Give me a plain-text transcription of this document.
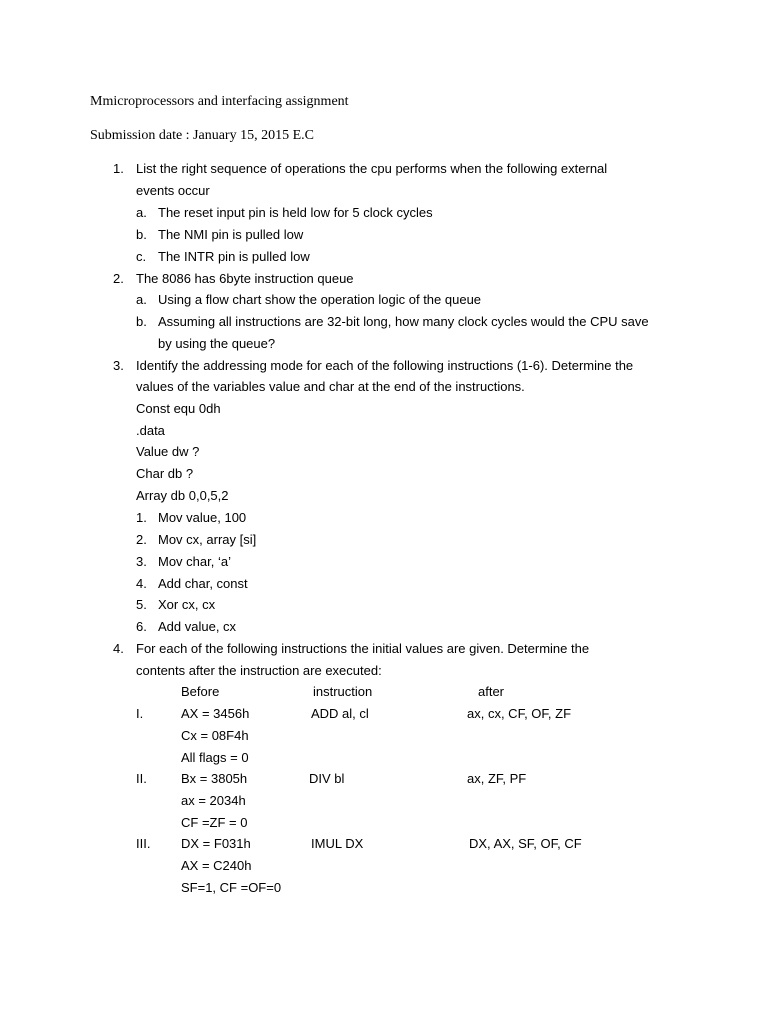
Mmicroprocessors and interfacing assignment
Submission date : January 15, 2015 E.C
1. List the right sequence of operations the cpu performs when the following external
events occur
a. The reset input pin is held low for 5 clock cycles
b. The NMI pin is pulled low
c. The INTR pin is pulled low
2. The 8086 has 6byte instruction queue
a. Using a flow chart show the operation logic of the queue
b. Assuming all instructions are 32-bit long, how many clock cycles would the CPU save
by using the queue?
3. Identify the addressing mode for each of the following instructions (1-6). Determine the
values of the variables value and char at the end of the instructions.
Const equ 0dh
.data
Value dw ?
Char db ?
Array db 0,0,5,2
1. Mov value, 100
2. Mov cx, array [si]
3. Mov char, ‘a’
4. Add char, const
5. Xor cx, cx
6. Add value, cx
4. For each of the following instructions the initial values are given. Determine the
contents after the instruction are executed:
Before	instruction	after
I.	AX = 3456h	ADD al, cl	ax, cx, CF, OF, ZF
Cx = 08F4h
All flags = 0
II.	Bx = 3805h	DIV bl	ax, ZF, PF
ax = 2034h
CF =ZF = 0
III. DX = F031h	IMUL DX	DX, AX, SF, OF, CF
AX = C240h
SF=1, CF =OF=0
